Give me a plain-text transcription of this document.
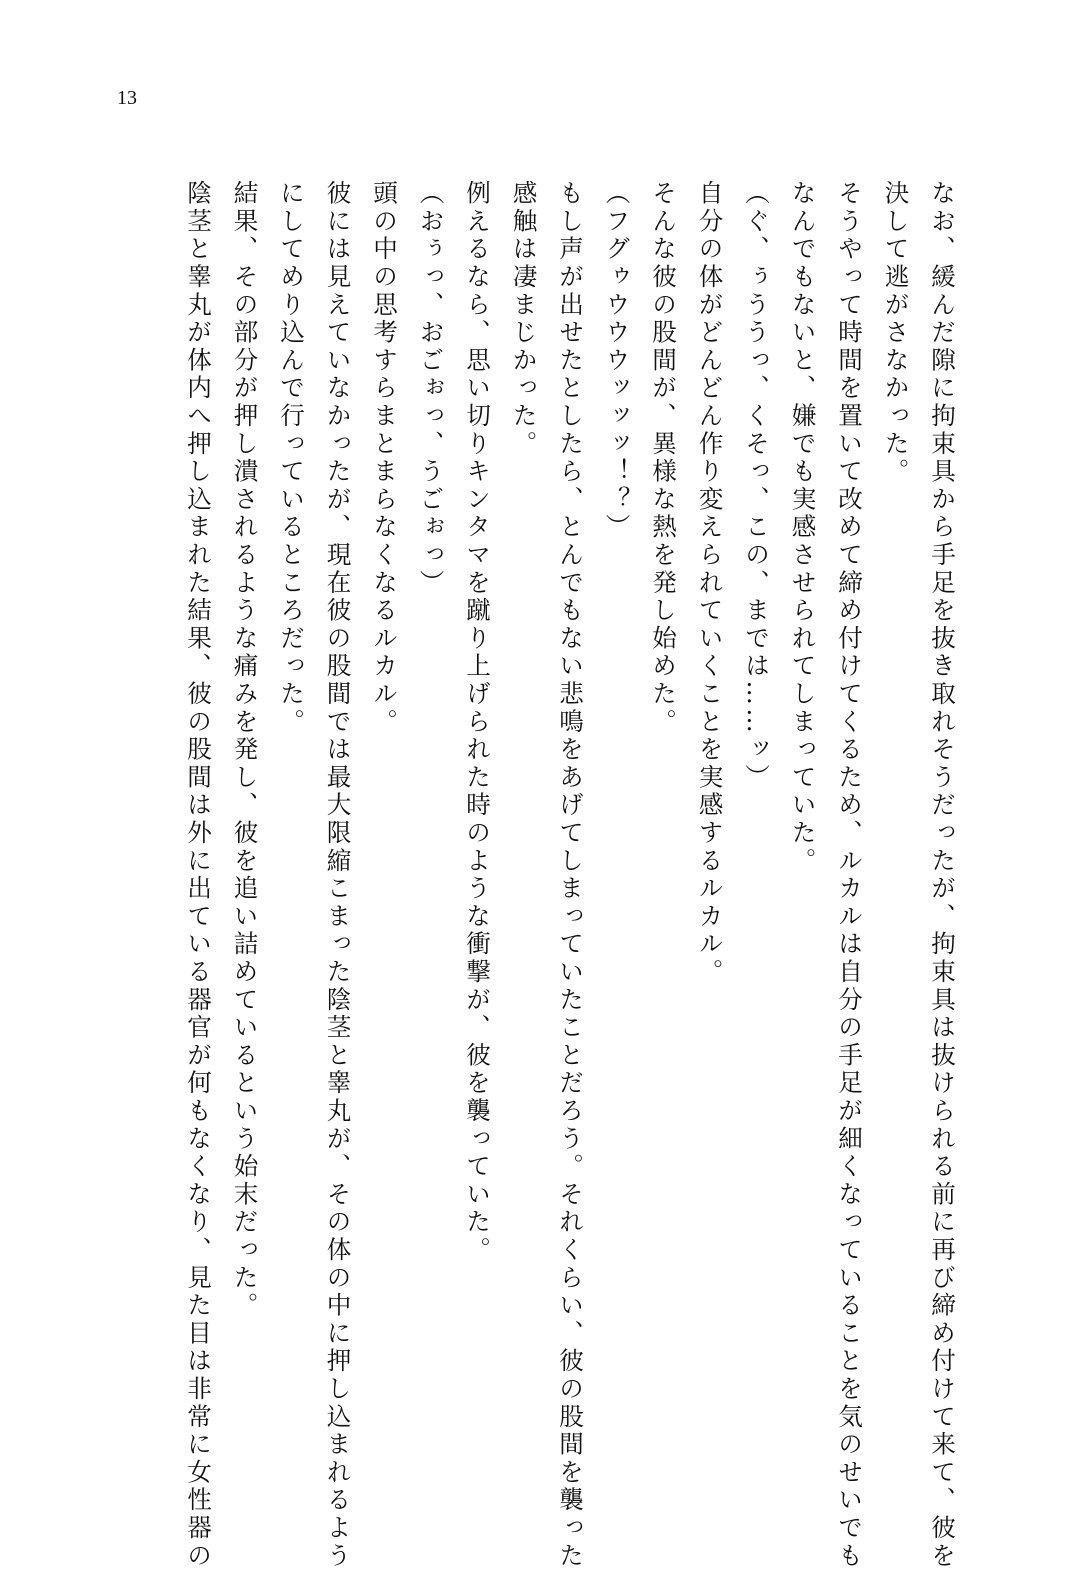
13

なお、緩んだ隙に拘束具から手足を抜き取れそうだったが、拘束具は抜けられる前に再び締め付けて来て、彼を

決して逃がさなかった。

そうやって時間を置いて改めて締め付けてくるため、ルカルは自分の手足が細くなっていることを気のせいでも

なんでもないと、嫌でも実感させられてしまっていた。

（ぐ、ぅううっ、くそっ、この、までは……ッ）

自分の体がどんどん作り変えられていくことを実感するルカル。

そんな彼の股間が、異様な熱を発し始めた。

（フグゥウウウッッッ！？）

もし声が出せたとしたら、とんでもない悲鳴をあげてしまっていたことだろう。それくらい、彼の股間を襲った

感触は凄まじかった。

例えるなら、思い切りキンタマを蹴り上げられた時のような衝撃が、彼を襲っていた。

（おぅっ、おごぉっ、うごぉっ）

頭の中の思考すらまとまらなくなるルカル。

彼には見えていなかったが、現在彼の股間では最大限縮こまった陰茎と睾丸が、その体の中に押し込まれるよう

にしてめり込んで行っているところだった。

結果、その部分が押し潰されるような痛みを発し、彼を追い詰めているという始末だった。

陰茎と睾丸が体内へ押し込まれた結果、彼の股間は外に出ている器官が何もなくなり、見た目は非常に女性器の
